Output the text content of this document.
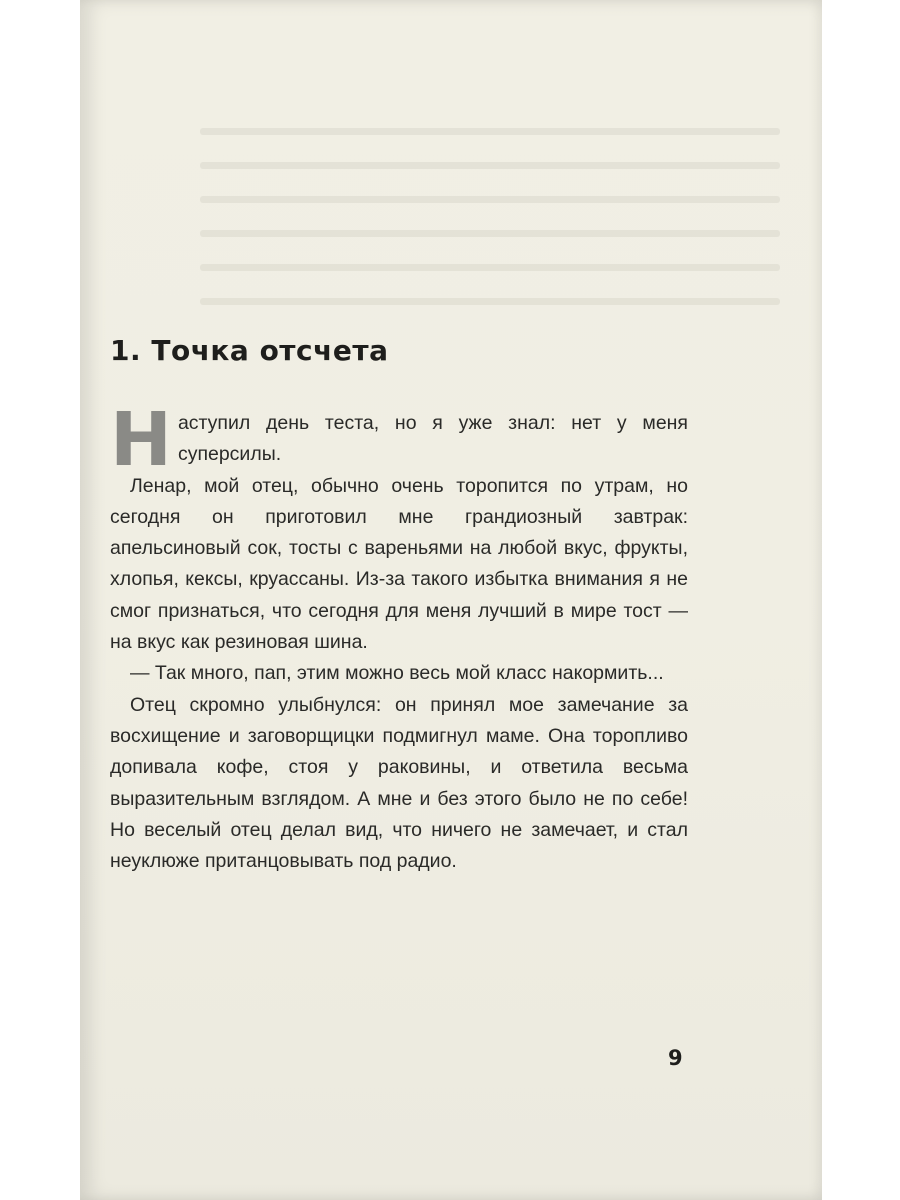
1. Точка отсчета

Н аступил день теста, но я уже знал: нет у меня суперсилы.

Ленар, мой отец, обычно очень торопится по утрам, но сегодня он приготовил мне грандиозный завтрак: апельсиновый сок, тосты с вареньями на любой вкус, фрукты, хлопья, кексы, круассаны. Из-за такого избытка внимания я не смог признаться, что сегодня для меня лучший в мире тост — на вкус как резиновая шина.

— Так много, пап, этим можно весь мой класс накормить...

Отец скромно улыбнулся: он принял мое замечание за восхищение и заговорщицки подмигнул маме. Она торопливо допивала кофе, стоя у раковины, и ответила весьма выразительным взглядом. А мне и без этого было не по себе! Но веселый отец делал вид, что ничего не замечает, и стал неуклюже пританцовывать под радио.

9
